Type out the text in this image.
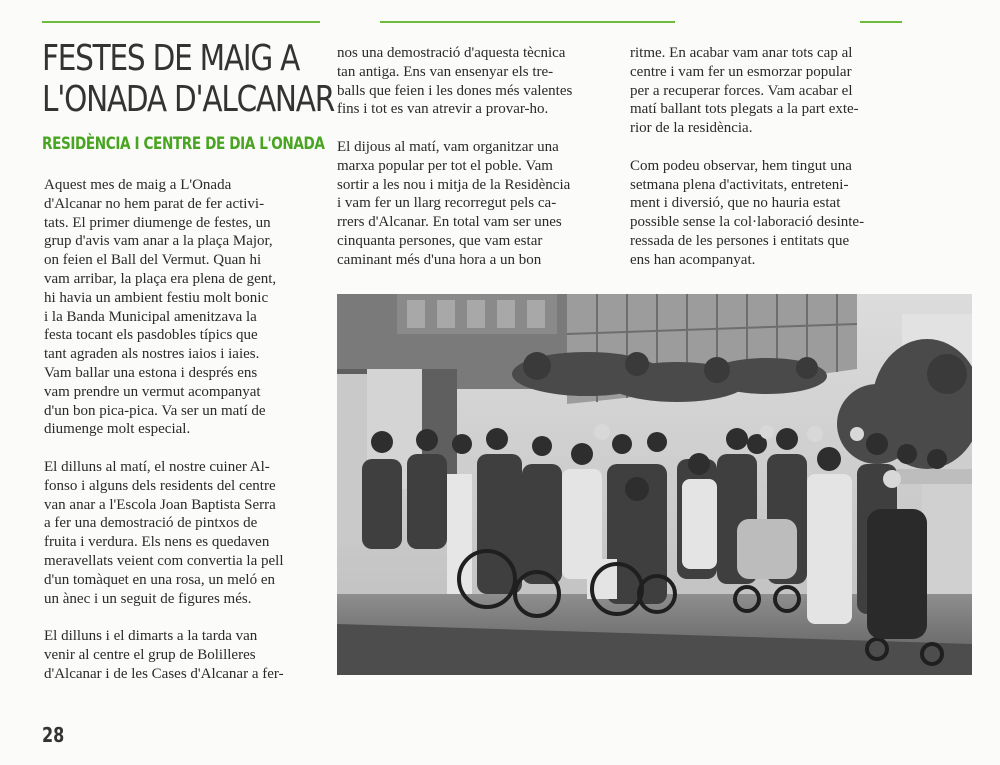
FESTES DE MAIG A
L'ONADA D'ALCANAR
RESIDÈNCIA I CENTRE DE DIA L'ONADA
Aquest mes de maig a L'Onada
d'Alcanar no hem parat de fer activi-
tats. El primer diumenge de festes, un
grup d'avis vam anar a la plaça Major,
on feien el Ball del Vermut. Quan hi
vam arribar, la plaça era plena de gent,
hi havia un ambient festiu molt bonic
i la Banda Municipal amenitzava la
festa tocant els pasdobles típics que
tant agraden als nostres iaios i iaies.
Vam ballar una estona i després ens
vam prendre un vermut acompanyat
d'un bon pica-pica. Va ser un matí de
diumenge molt especial.
El dilluns al matí, el nostre cuiner Al-
fonso i alguns dels residents del centre
van anar a l'Escola Joan Baptista Serra
a fer una demostració de pintxos de
fruita i verdura. Els nens es quedaven
meravellats veient com convertia la pell
d'un tomàquet en una rosa, un meló en
un ànec i un seguit de figures més.
El dilluns i el dimarts a la tarda van
venir al centre el grup de Bolilleres
d'Alcanar i de les Cases d'Alcanar a fer-
nos una demostració d'aquesta tècnica
tan antiga. Ens van ensenyar els tre-
balls que feien i les dones més valentes
fins i tot es van atrevir a provar-ho.
El dijous al matí, vam organitzar una
marxa popular per tot el poble. Vam
sortir a les nou i mitja de la Residència
i vam fer un llarg recorregut pels ca-
rrers d'Alcanar. En total vam ser unes
cinquanta persones, que vam estar
caminant més d'una hora a un bon
ritme. En acabar vam anar tots cap al
centre i vam fer un esmorzar popular
per a recuperar forces. Vam acabar el
matí ballant tots plegats a la part exte-
rior de la residència.
Com podeu observar, hem tingut una
setmana plena d'activitats, entreteni-
ment i diversió, que no hauria estat
possible sense la col·laboració desinte-
ressada de les persones i entitats que
ens han acompanyat.
28
